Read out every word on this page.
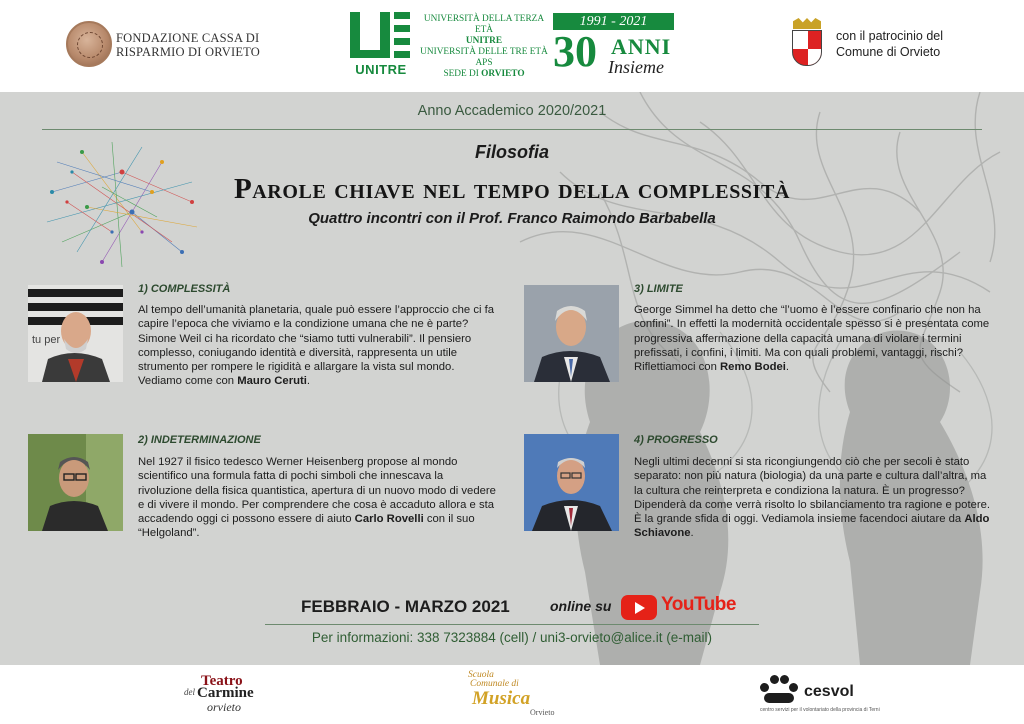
FONDAZIONE CASSA DI
RISPARMIO DI ORVIETO
UNITRE
UNIVERSITÀ DELLA TERZA ETÀ
UNITRE
UNIVERSITÀ DELLE TRE ETÀ
APS
SEDE DI ORVIETO
1991 - 2021
30 ANNI
Insieme
con il patrocinio del
Comune di Orvieto
Anno Accademico 2020/2021
Filosofia
Parole chiave nel tempo della complessità
Quattro incontri con il Prof. Franco Raimondo Barbabella
tu per
1) COMPLESSITÀ
Al tempo dell’umanità planetaria, quale può essere l’approccio che ci fa capire l’epoca che viviamo e la condizione umana che ne è parte? Simone Weil ci ha ricordato che “siamo tutti vulnerabili”. Il pensiero complesso, coniugando identità e diversità, rappresenta un utile strumento per rompere le rigidità e allargare la vista sul mondo. Vediamo come con Mauro Ceruti.
2) INDETERMINAZIONE
Nel 1927 il fisico tedesco Werner Heisenberg propose al mondo scientifico una formula fatta di pochi simboli che innescava la rivoluzione della fisica quantistica, apertura di un nuovo modo di vedere e di vivere il mondo. Per comprendere che cosa è accaduto allora e sta accadendo oggi ci possono essere di aiuto Carlo Rovelli con il suo “Helgoland”.
3) LIMITE
George Simmel ha detto che “l’uomo è l’essere confinario che non ha confini”. In effetti la modernità occidentale spesso si è presentata come progressiva affermazione della capacità umana di violare i termini prefissati, i confini, i limiti. Ma con quali problemi, vantaggi, rischi? Riflettiamoci con Remo Bodei.
4) PROGRESSO
Negli ultimi decenni si sta ricongiungendo ciò che per secoli è stato separato: non più natura (biologia) da una parte e cultura dall’altra, ma la cultura che reinterpreta e condiziona la natura. È un progresso? Dipenderà da come verrà risolto lo sbilanciamento tra ragione e potere. È la grande sfida di oggi. Vediamola insieme facendoci aiutare da Aldo Schiavone.
FEBBRAIO - MARZO 2021	online su	YouTube
Per informazioni: 338 7323884 (cell) / uni3-orvieto@alice.it (e-mail)
Teatro
del Carmine
orvieto
Scuola
Comunale di
Musica
Orvieto
cesvol
centro servizi per il volontariato della provincia di Terni
